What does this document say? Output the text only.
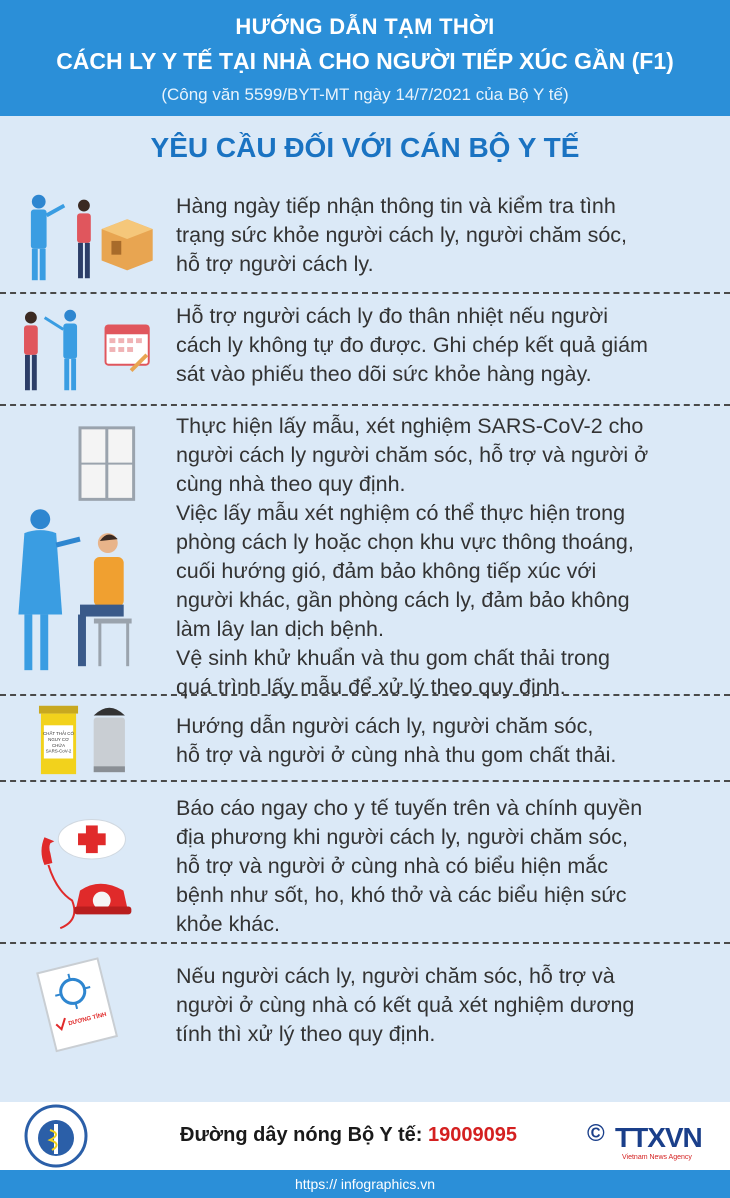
HƯỚNG DẪN TẠM THỜI
CÁCH LY Y TẾ TẠI NHÀ CHO NGƯỜI TIẾP XÚC GẦN (F1)
(Công văn 5599/BYT-MT ngày 14/7/2021 của Bộ Y tế)
YÊU CẦU ĐỐI VỚI CÁN BỘ Y TẾ
Hàng ngày tiếp nhận thông tin và kiểm tra tình
trạng sức khỏe người cách ly, người chăm sóc,
hỗ trợ người cách ly.
Hỗ trợ người cách ly đo thân nhiệt nếu người
cách ly không tự đo được. Ghi chép kết quả giám
sát vào phiếu theo dõi sức khỏe hàng ngày.
Thực hiện lấy mẫu, xét nghiệm SARS-CoV-2 cho
người cách ly người chăm sóc, hỗ trợ và người ở
cùng nhà theo quy định.
Việc lấy mẫu xét nghiệm có thể thực hiện trong
phòng cách ly hoặc chọn khu vực thông thoáng,
cuối hướng gió, đảm bảo không tiếp xúc với
người khác, gần phòng cách ly, đảm bảo không
làm lây lan dịch bệnh.
Vệ sinh khử khuẩn và thu gom chất thải trong
quá trình lấy mẫu để xử lý theo quy định.
CHẤT THẢI CÓ NGUY CƠ CHỨA SARS-CoV-2
Hướng dẫn người cách ly, người chăm sóc,
hỗ trợ và người ở cùng nhà thu gom chất thải.
Báo cáo ngay cho y tế tuyến trên và chính quyền
địa phương khi người cách ly, người chăm sóc,
hỗ trợ và người ở cùng nhà có biểu hiện mắc
bệnh như sốt, ho, khó thở và các biểu hiện sức
khỏe khác.
DƯƠNG TÍNH
Nếu người cách ly, người chăm sóc, hỗ trợ và
người ở cùng nhà có kết quả xét nghiệm dương
tính thì xử lý theo quy định.
Đường dây nóng Bộ Y tế: 19009095	© TTXVN
Vietnam News Agency
https:// infographics.vn
